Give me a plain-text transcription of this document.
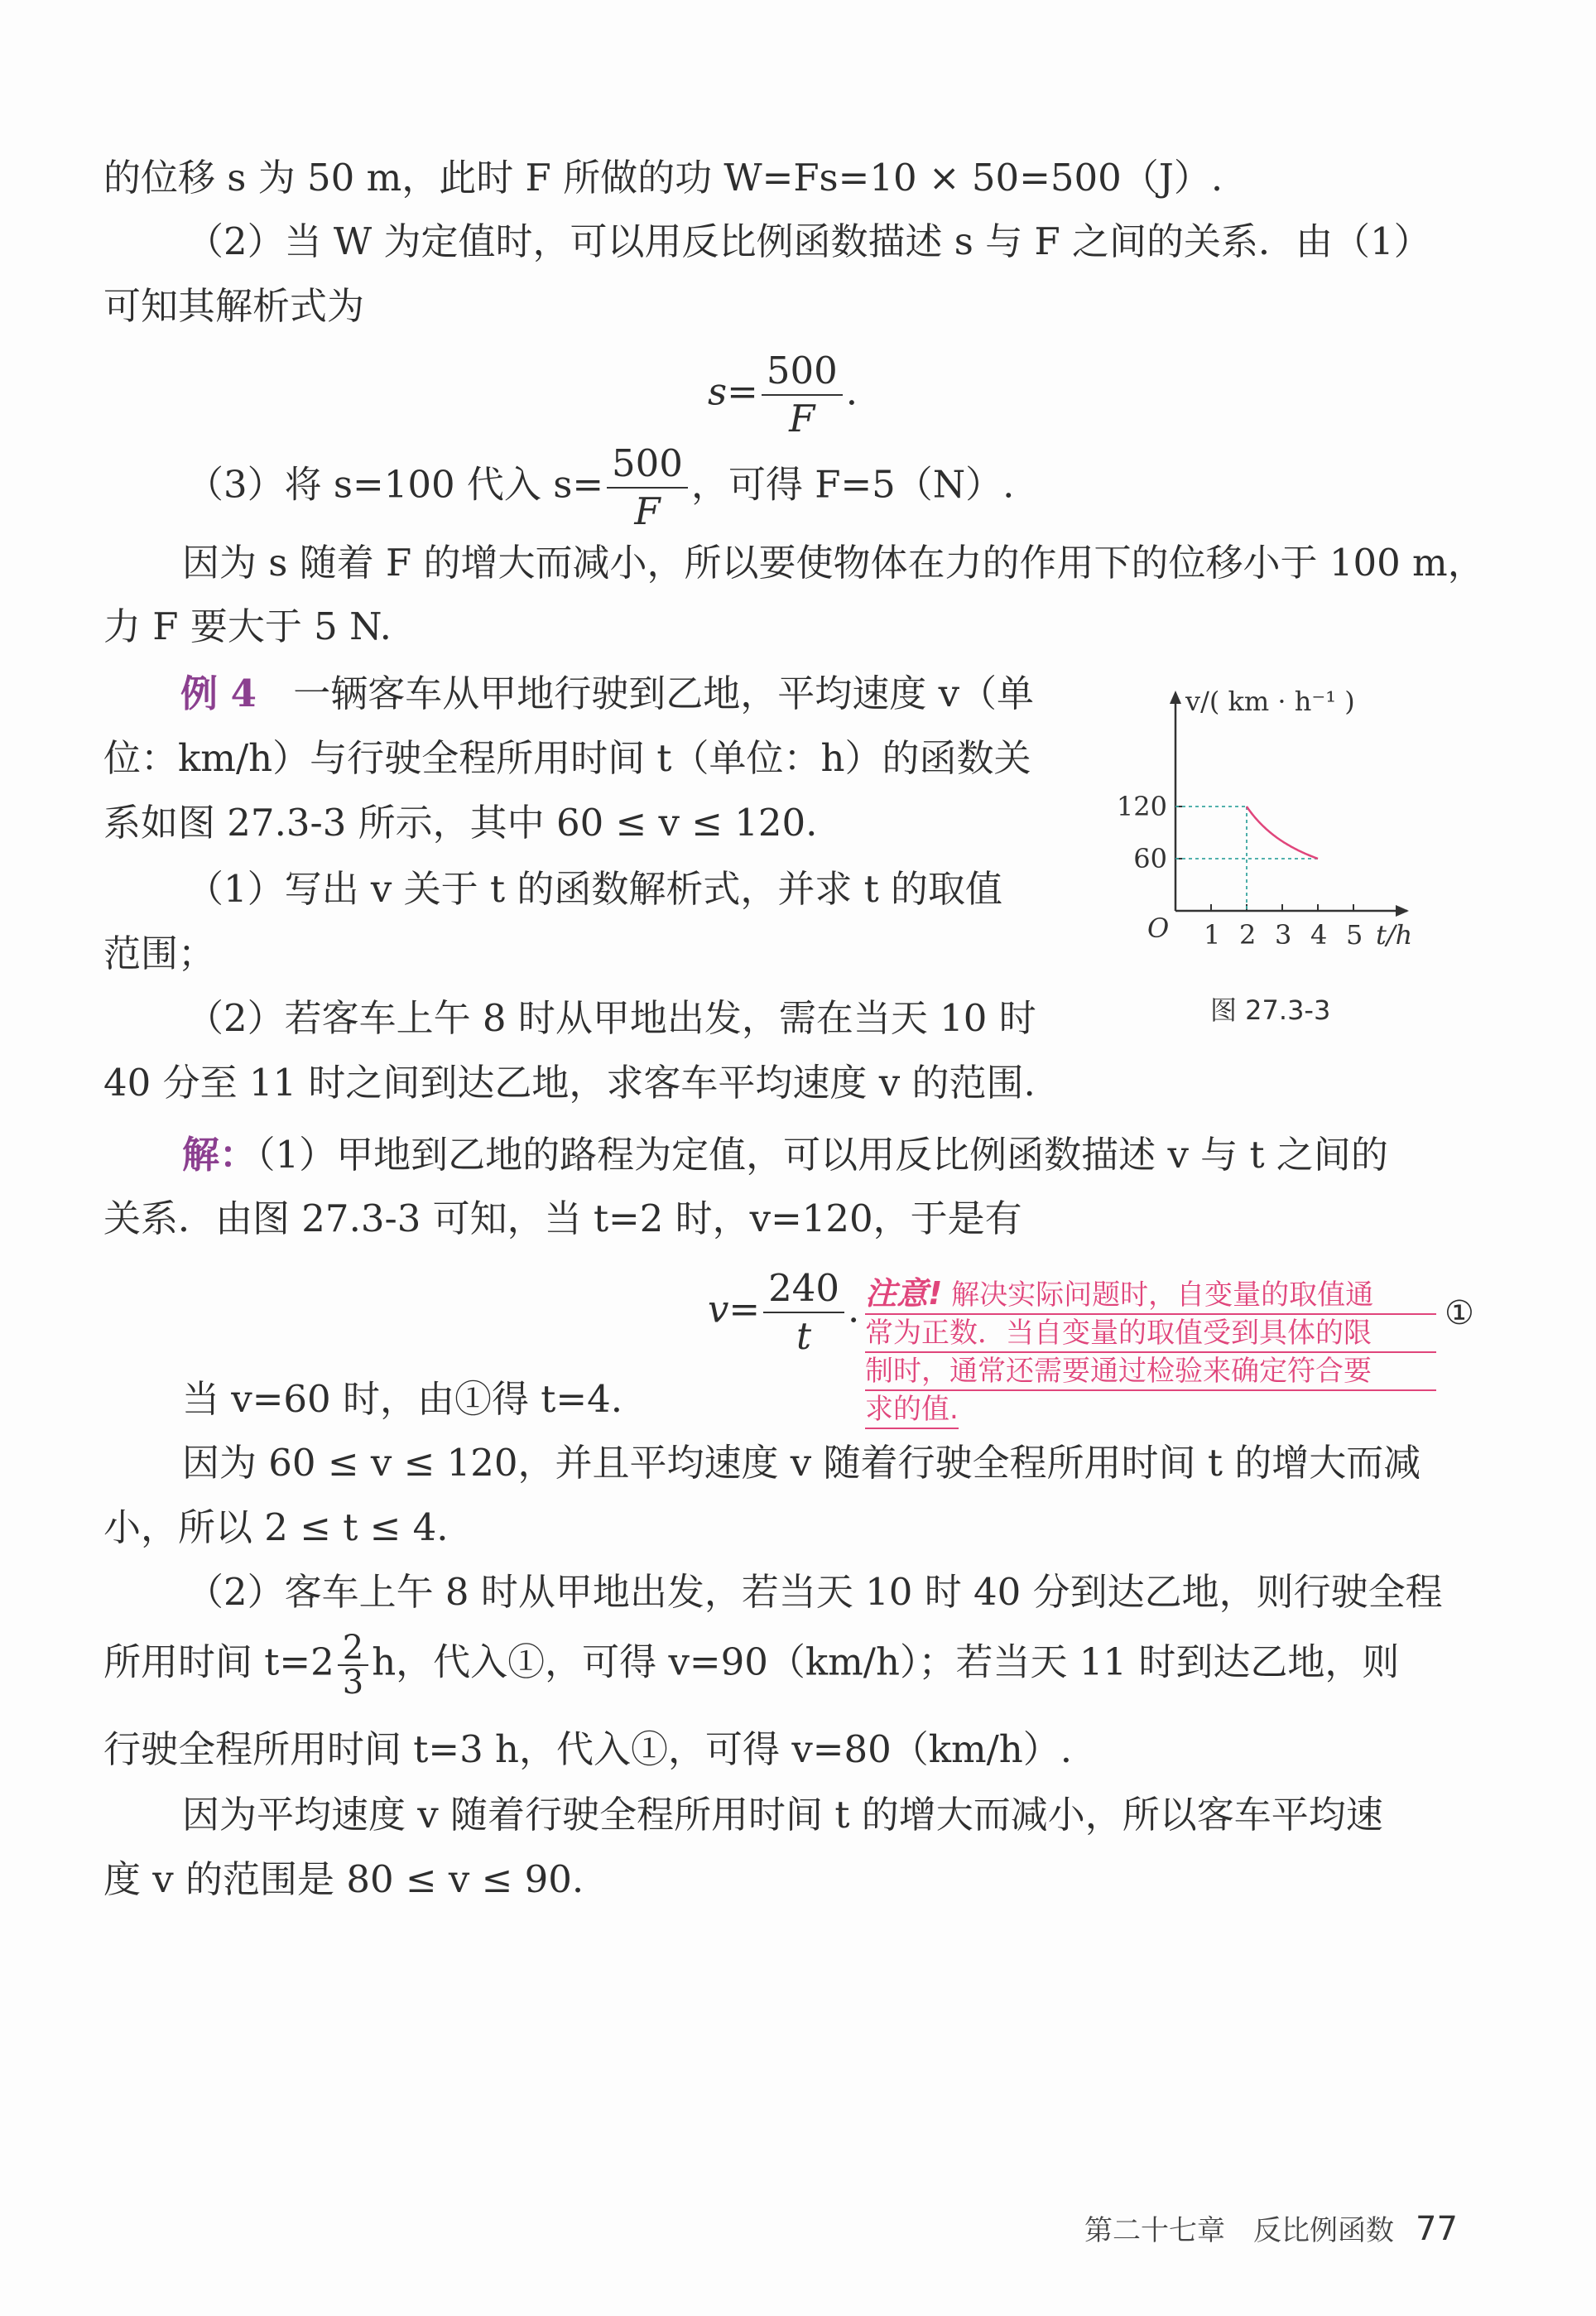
的位移 s 为 50 m，此时 F 所做的功 W=Fs=10 × 50=500（J）.
（2）当 W 为定值时，可以用反比例函数描述 s 与 F 之间的关系．由（1）
可知其解析式为
$s= \frac{500}{F}$ .
（3）将 s=100 代入 $s= \frac{500}{F}$ ，可得 F=5（N）.
因为 s 随着 F 的增大而减小，所以要使物体在力的作用下的位移小于 100 m，
力 F 要大于 5 N.
例 4 一辆客车从甲地行驶到乙地，平均速度 v（单
位：km/h）与行驶全程所用时间 t（单位：h）的函数关
系如图 27.3-3 所示，其中 60 ≤ v ≤ 120.
（1）写出 v 关于 t 的函数解析式，并求 t 的取值
范围；
（2）若客车上午 8 时从甲地出发，需在当天 10 时
40 分至 11 时之间到达乙地，求客车平均速度 v 的范围.
v/( km · h⁻¹ )
t/h
O 1 2 3 4 5
120
60
图 27.3-3
解：（1）甲地到乙地的路程为定值，可以用反比例函数描述 v 与 t 之间的
关系．由图 27.3-3 可知，当 t=2 时，v=120，于是有
$v= \frac{240}{t}$ .	①
注意! 解决实际问题时，自变量的取值通
常为正数．当自变量的取值受到具体的限
制时，通常还需要通过检验来确定符合要
求的值.
当 v=60 时，由①得 t=4.
因为 60 ≤ v ≤ 120，并且平均速度 v 随着行驶全程所用时间 t 的增大而减
小，所以 2 ≤ t ≤ 4.
（2）客车上午 8 时从甲地出发，若当天 10 时 40 分到达乙地，则行驶全程
所用时间 $t=2 \frac{2}{3}$ h，代入①，可得 v=90（km/h）；若当天 11 时到达乙地，则
行驶全程所用时间 t=3 h，代入①，可得 v=80（km/h）.
因为平均速度 v 随着行驶全程所用时间 t 的增大而减小，所以客车平均速
度 v 的范围是 80 ≤ v ≤ 90.
第二十七章　反比例函数 77
